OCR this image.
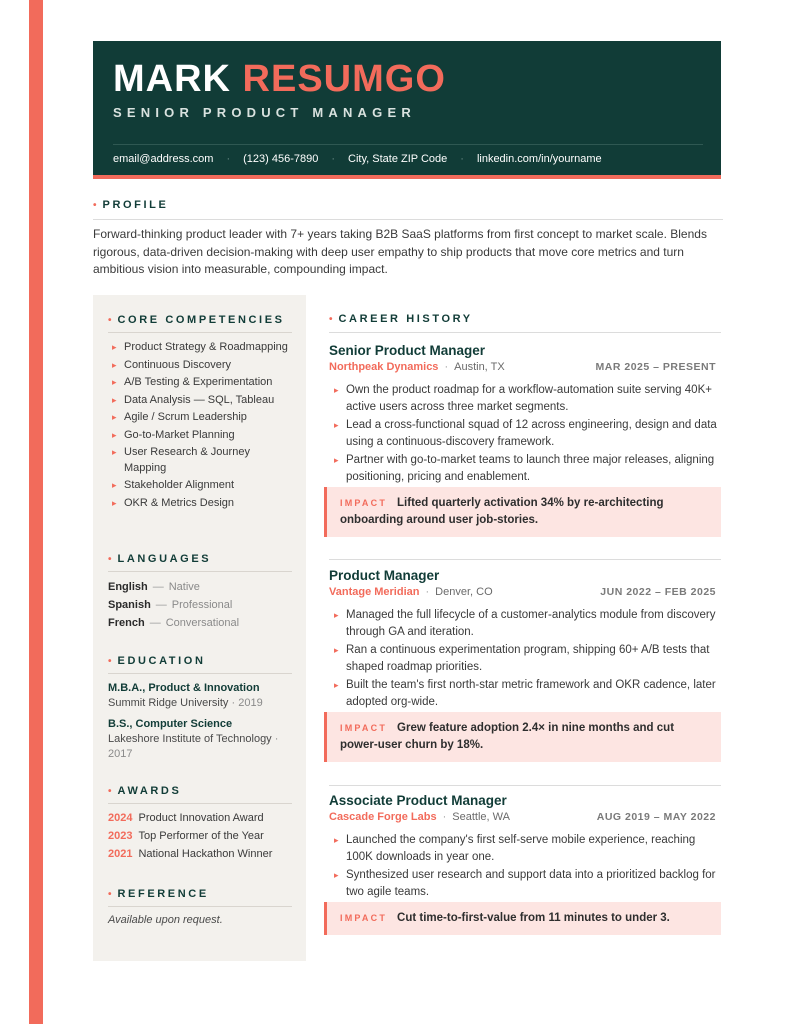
MARK RESUMGO
SENIOR PRODUCT MANAGER
email@address.com · (123) 456-7890 · City, State ZIP Code · linkedin.com/in/yourname
• PROFILE
Forward-thinking product leader with 7+ years taking B2B SaaS platforms from first concept to market scale. Blends rigorous, data-driven decision-making with deep user empathy to ship products that move core metrics and turn ambitious vision into measurable, compounding impact.
• CORE COMPETENCIES
▸ Product Strategy & Roadmapping
▸ Continuous Discovery
▸ A/B Testing & Experimentation
▸ Data Analysis — SQL, Tableau
▸ Agile / Scrum Leadership
▸ Go-to-Market Planning
▸ User Research & Journey Mapping
▸ Stakeholder Alignment
▸ OKR & Metrics Design
• LANGUAGES
English — Native
Spanish — Professional
French — Conversational
• EDUCATION
M.B.A., Product & Innovation
Summit Ridge University · 2019
B.S., Computer Science
Lakeshore Institute of Technology · 2017
• AWARDS
2024 Product Innovation Award
2023 Top Performer of the Year
2021 National Hackathon Winner
• REFERENCE
Available upon request.
• CAREER HISTORY
Senior Product Manager
Northpeak Dynamics · Austin, TX	MAR 2025 – PRESENT
▸ Own the product roadmap for a workflow-automation suite serving 40K+ active users across three market segments.
▸ Lead a cross-functional squad of 12 across engineering, design and data using a continuous-discovery framework.
▸ Partner with go-to-market teams to launch three major releases, aligning positioning, pricing and enablement.
IMPACT Lifted quarterly activation 34% by re-architecting onboarding around user job-stories.
Product Manager
Vantage Meridian · Denver, CO	JUN 2022 – FEB 2025
▸ Managed the full lifecycle of a customer-analytics module from discovery through GA and iteration.
▸ Ran a continuous experimentation program, shipping 60+ A/B tests that shaped roadmap priorities.
▸ Built the team's first north-star metric framework and OKR cadence, later adopted org-wide.
IMPACT Grew feature adoption 2.4× in nine months and cut power-user churn by 18%.
Associate Product Manager
Cascade Forge Labs · Seattle, WA	AUG 2019 – MAY 2022
▸ Launched the company's first self-serve mobile experience, reaching 100K downloads in year one.
▸ Synthesized user research and support data into a prioritized backlog for two agile teams.
IMPACT Cut time-to-first-value from 11 minutes to under 3.
